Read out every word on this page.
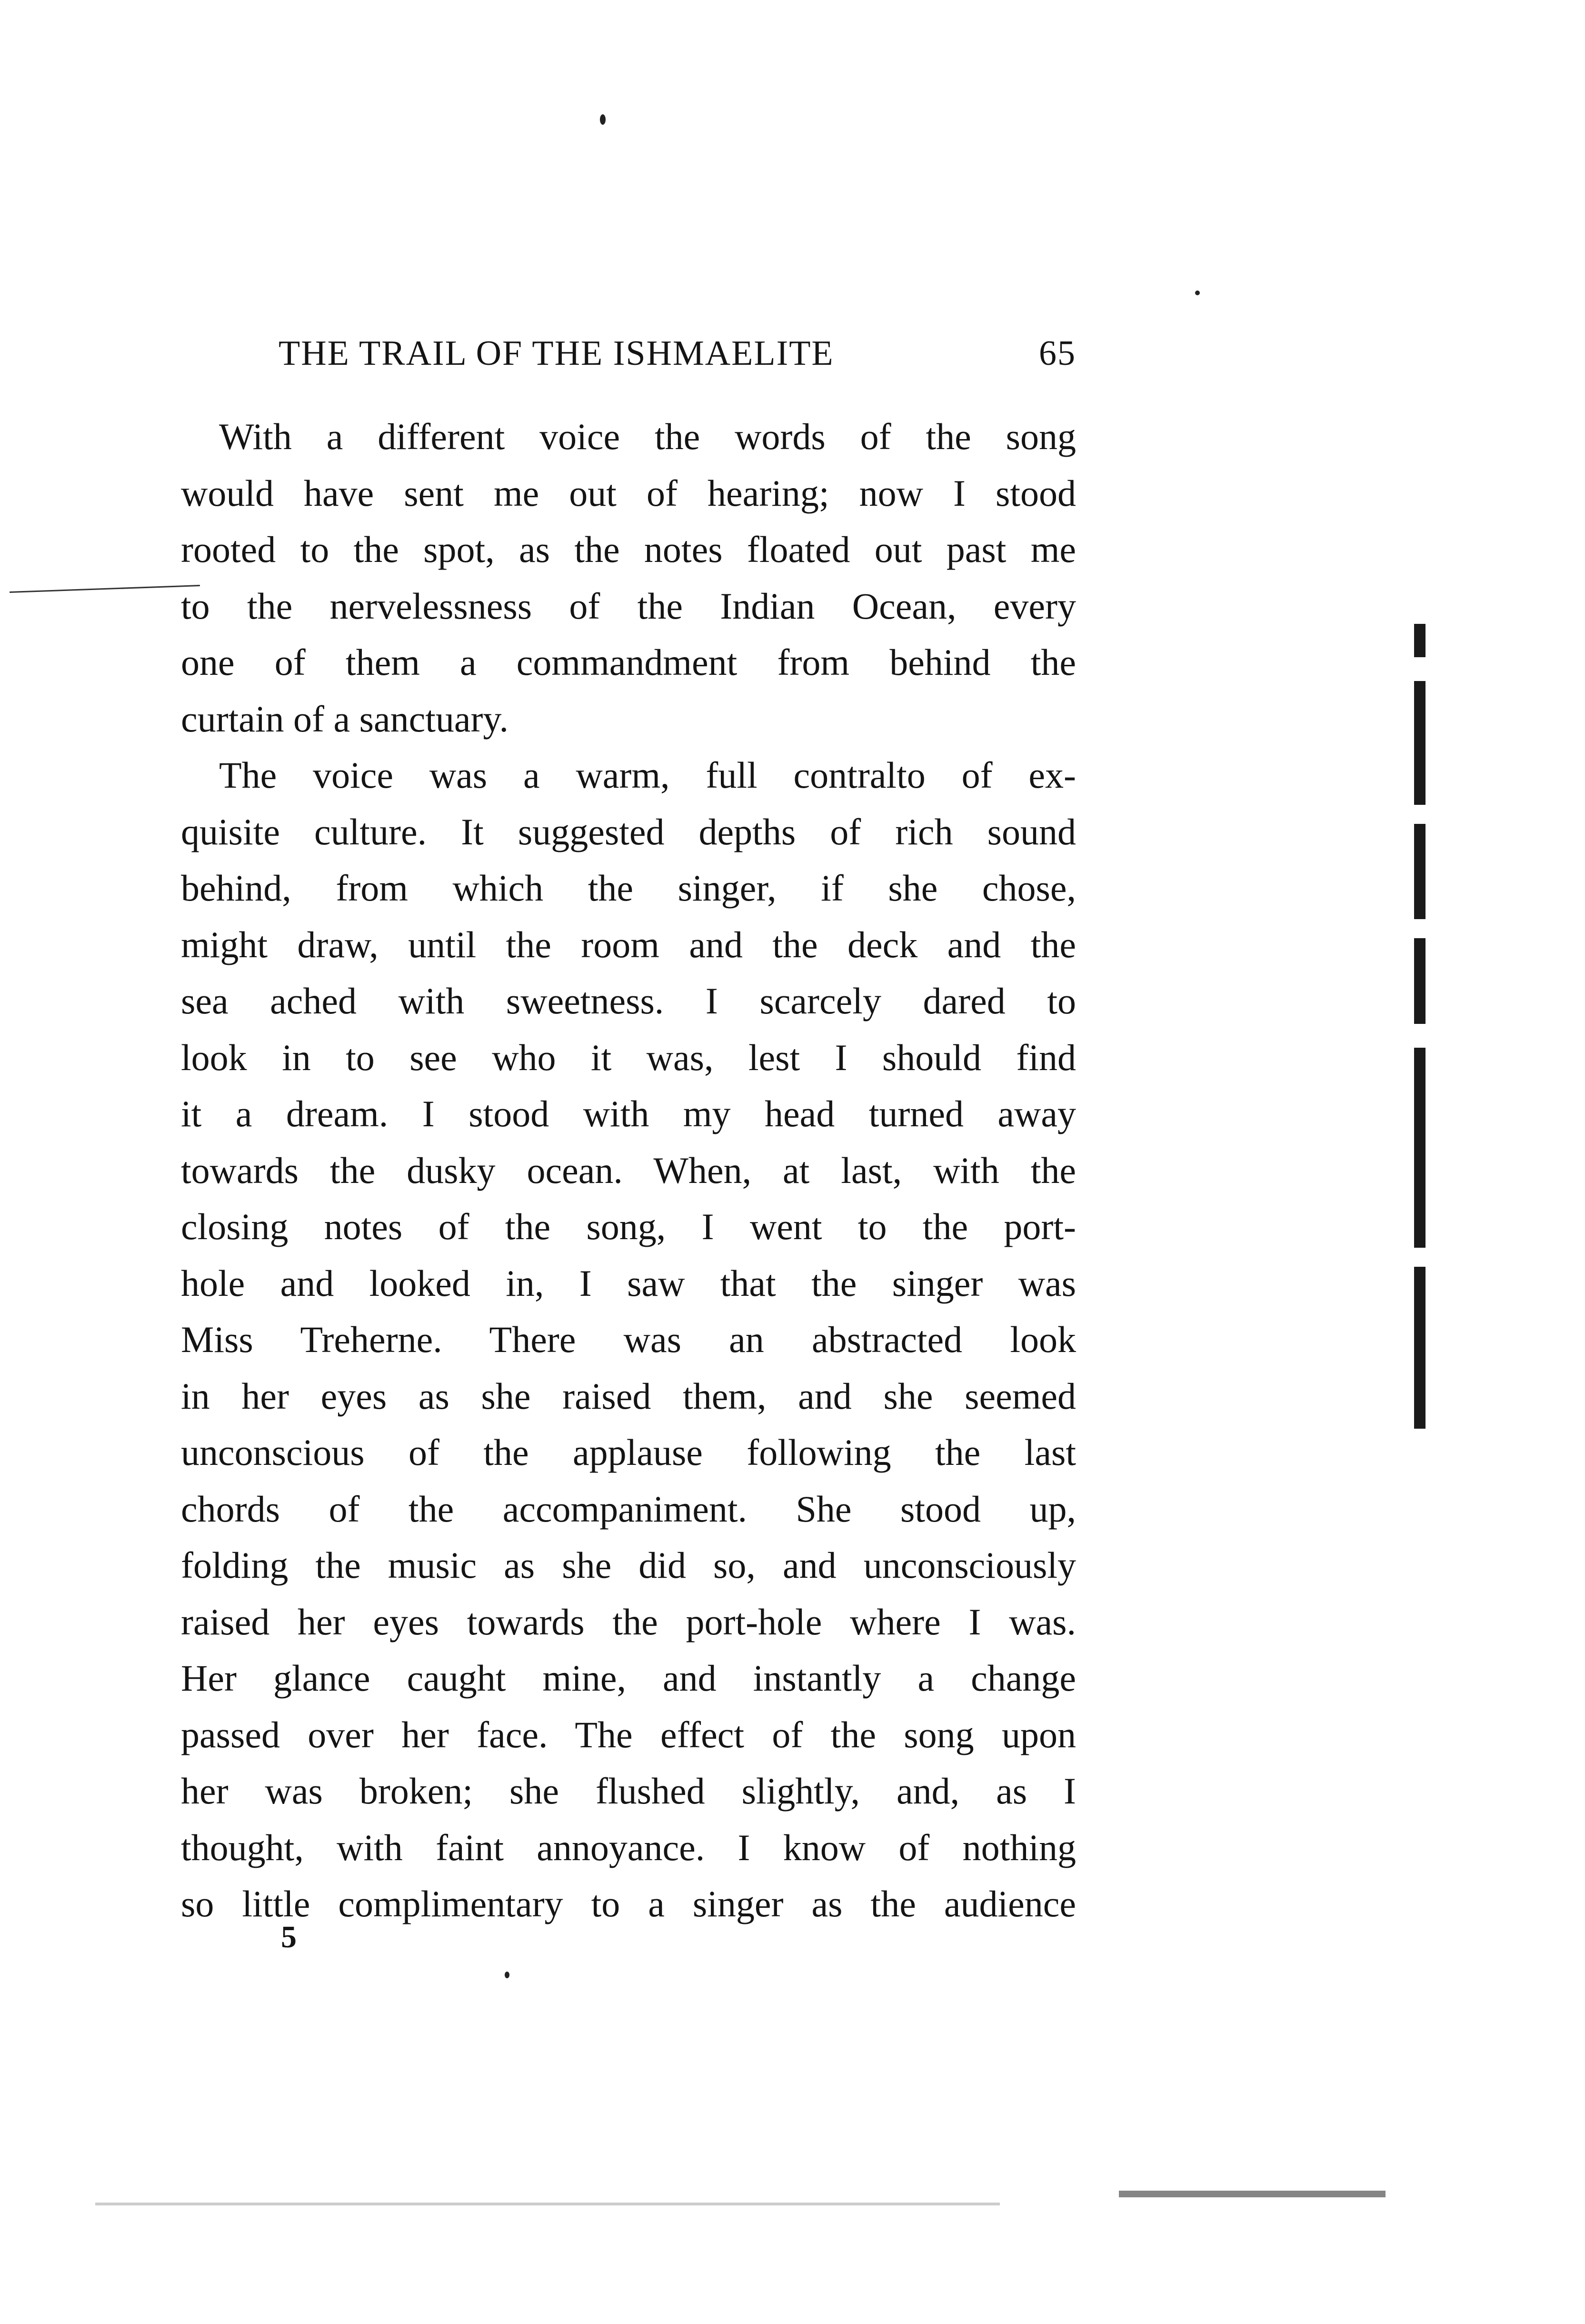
THE TRAIL OF THE ISHMAELITE	65
With a different voice the words of the song
would have sent me out of hearing; now I stood
rooted to the spot, as the notes floated out past me
to the nervelessness of the Indian Ocean, every
one of them a commandment from behind the
curtain of a sanctuary.
The voice was a warm, full contralto of ex-
quisite culture. It suggested depths of rich sound
behind, from which the singer, if she chose,
might draw, until the room and the deck and the
sea ached with sweetness. I scarcely dared to
look in to see who it was, lest I should find
it a dream. I stood with my head turned away
towards the dusky ocean. When, at last, with the
closing notes of the song, I went to the port-
hole and looked in, I saw that the singer was
Miss Treherne. There was an abstracted look
in her eyes as she raised them, and she seemed
unconscious of the applause following the last
chords of the accompaniment. She stood up,
folding the music as she did so, and unconsciously
raised her eyes towards the port-hole where I was.
Her glance caught mine, and instantly a change
passed over her face. The effect of the song upon
her was broken; she flushed slightly, and, as I
thought, with faint annoyance. I know of nothing
so little complimentary to a singer as the audience
5
